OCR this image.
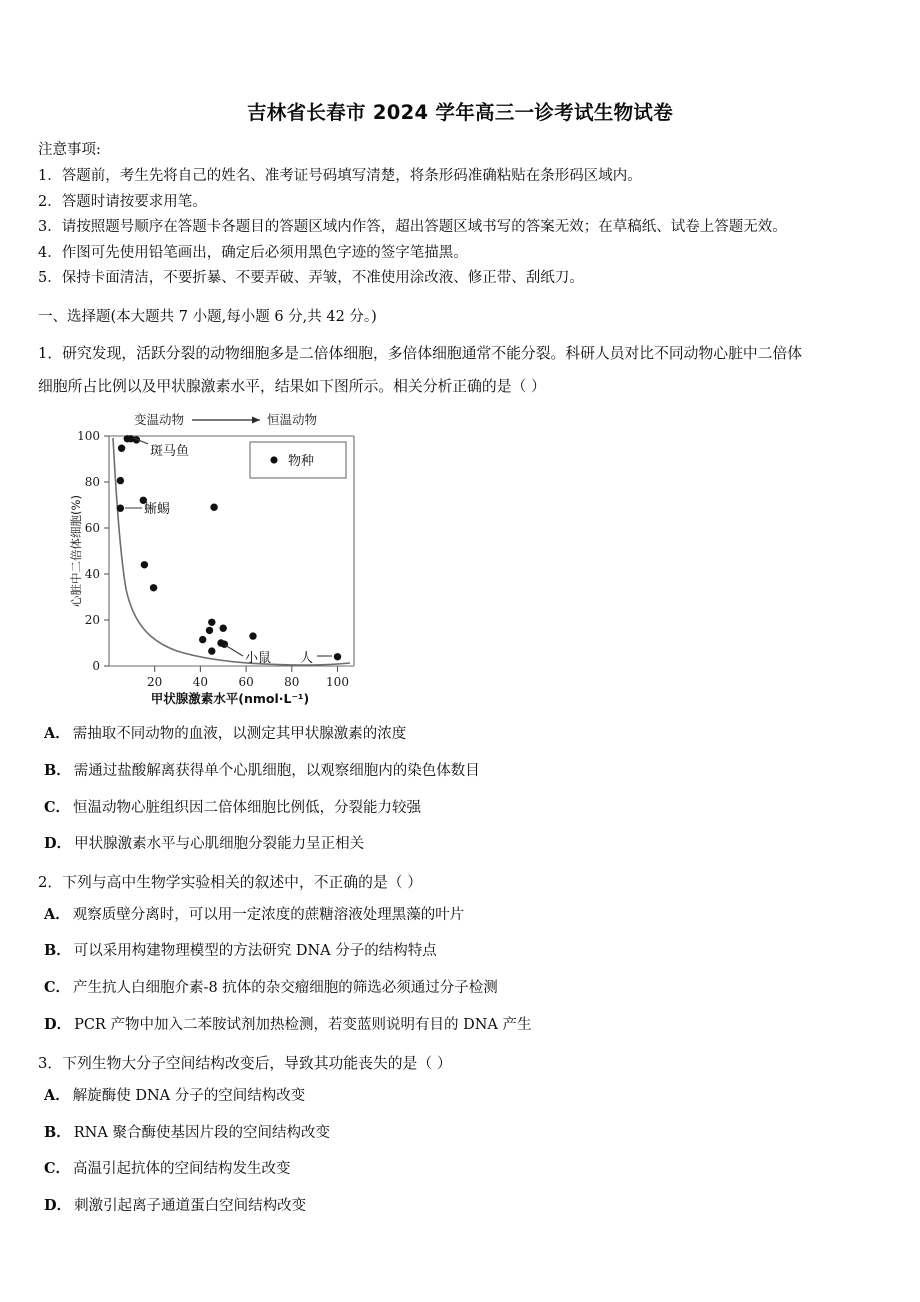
吉林省长春市 2024 学年高三一诊考试生物试卷
注意事项:
1．答题前，考生先将自己的姓名、准考证号码填写清楚，将条形码准确粘贴在条形码区域内。
2．答题时请按要求用笔。
3．请按照题号顺序在答题卡各题目的答题区域内作答，超出答题区域书写的答案无效；在草稿纸、试卷上答题无效。
4．作图可先使用铅笔画出，确定后必须用黑色字迹的签字笔描黑。
5．保持卡面清洁，不要折暴、不要弄破、弄皱，不准使用涂改液、修正带、刮纸刀。
一、选择题(本大题共 7 小题,每小题 6 分,共 42 分。)
1．研究发现，活跃分裂的动物细胞多是二倍体细胞，多倍体细胞通常不能分裂。科研人员对比不同动物心脏中二倍体
细胞所占比例以及甲状腺激素水平，结果如下图所示。相关分析正确的是（ ）
变温动物	恒温动物
0
20
40
60
80
100
20	40	60	80 100
甲状腺激素水平(nmol·L⁻¹)
心脏中二倍体细胞(%)
物种
斑马鱼
蜥蜴
小鼠 人
A． 需抽取不同动物的血液，以测定其甲状腺激素的浓度
B． 需通过盐酸解离获得单个心肌细胞，以观察细胞内的染色体数目
C． 恒温动物心脏组织因二倍体细胞比例低，分裂能力较强
D． 甲状腺激素水平与心肌细胞分裂能力呈正相关
2．下列与高中生物学实验相关的叙述中，不正确的是（ ）
A． 观察质壁分离时，可以用一定浓度的蔗糖溶液处理黑藻的叶片
B． 可以采用构建物理模型的方法研究 DNA 分子的结构特点
C． 产生抗人白细胞介素-8 抗体的杂交瘤细胞的筛选必须通过分子检测
D． PCR 产物中加入二苯胺试剂加热检测，若变蓝则说明有目的 DNA 产生
3．下列生物大分子空间结构改变后，导致其功能丧失的是（ ）
A． 解旋酶使 DNA 分子的空间结构改变
B． RNA 聚合酶使基因片段的空间结构改变
C． 高温引起抗体的空间结构发生改变
D． 刺激引起离子通道蛋白空间结构改变
